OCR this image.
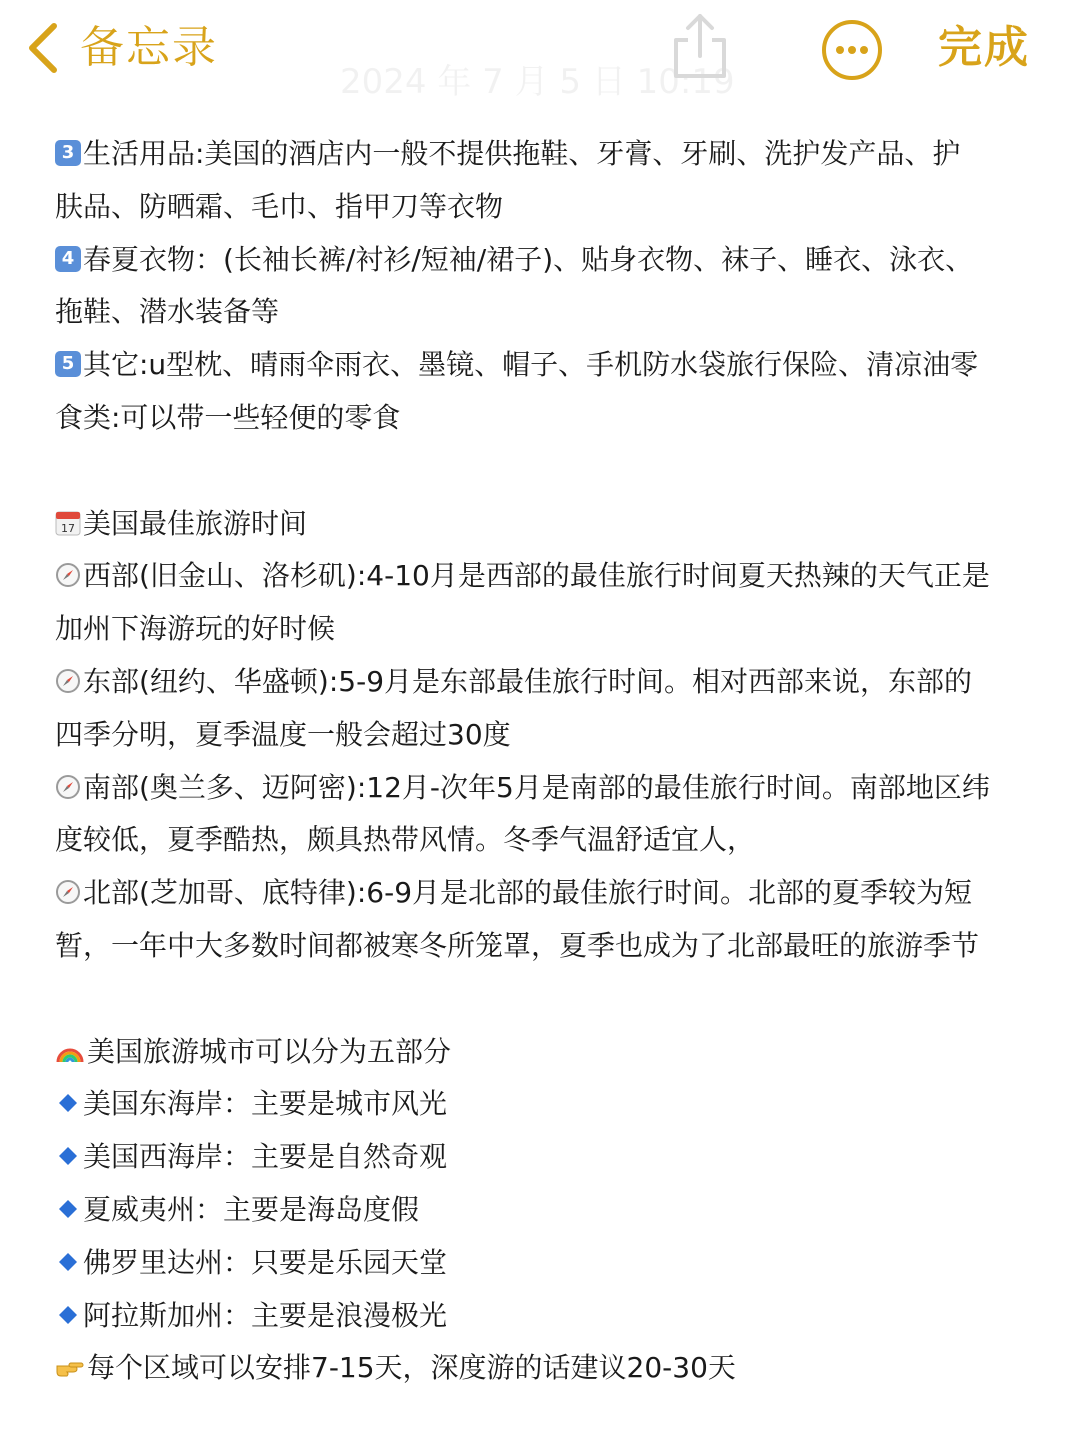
备忘录
2024 年 7 月 5 日 10:19
完成
3 生活用品:美国的酒店内一般不提供拖鞋、牙膏、牙刷、洗护发产品、护
肤品、防晒霜、毛巾、指甲刀等衣物
4 春夏衣物：(长袖长裤/衬衫/短袖/裙子)、贴身衣物、袜子、睡衣、泳衣、
拖鞋、潜水装备等
5 其它:u型枕、晴雨伞雨衣、墨镜、帽子、手机防水袋旅行保险、清凉油零
食类:可以带一些轻便的零食
17 美国最佳旅游时间
西部(旧金山、洛杉矶):4-10月是西部的最佳旅行时间夏天热辣的天气正是
加州下海游玩的好时候
东部(纽约、华盛顿):5-9月是东部最佳旅行时间。相对西部来说，东部的
四季分明，夏季温度一般会超过30度
南部(奥兰多、迈阿密):12月-次年5月是南部的最佳旅行时间。南部地区纬
度较低，夏季酷热，颇具热带风情。冬季气温舒适宜人，
北部(芝加哥、底特律):6-9月是北部的最佳旅行时间。北部的夏季较为短
暂，一年中大多数时间都被寒冬所笼罩，夏季也成为了北部最旺的旅游季节
美国旅游城市可以分为五部分
美国东海岸：主要是城市风光
美国西海岸：主要是自然奇观
夏威夷州：主要是海岛度假
佛罗里达州：只要是乐园天堂
阿拉斯加州：主要是浪漫极光
每个区域可以安排7-15天，深度游的话建议20-30天
